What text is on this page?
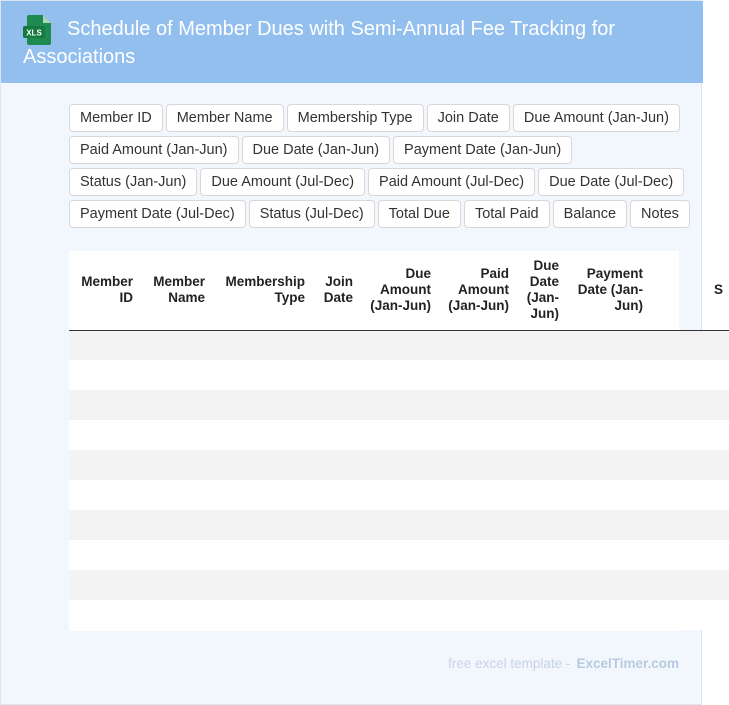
XLS	Schedule of Member Dues with Semi-Annual Fee Tracking for Associations
Member ID	Member Name	Membership Type	Join Date	Due Amount (Jan-Jun)
Paid Amount (Jan-Jun)	Due Date (Jan-Jun)	Payment Date (Jan-Jun)
Status (Jan-Jun)	Due Amount (Jul-Dec)	Paid Amount (Jul-Dec)	Due Date (Jul-Dec)
Payment Date (Jul-Dec)	Status (Jul-Dec)	Total Due	Total Paid	Balance	Notes
Member ID	Member Name	Membership Type	Join Date	Due Amount (Jan-Jun)	Paid Amount (Jan-Jun)	Due Date (Jan-Jun)	Payment Date (Jan-Jun)	S

free excel template - ExcelTimer.com
